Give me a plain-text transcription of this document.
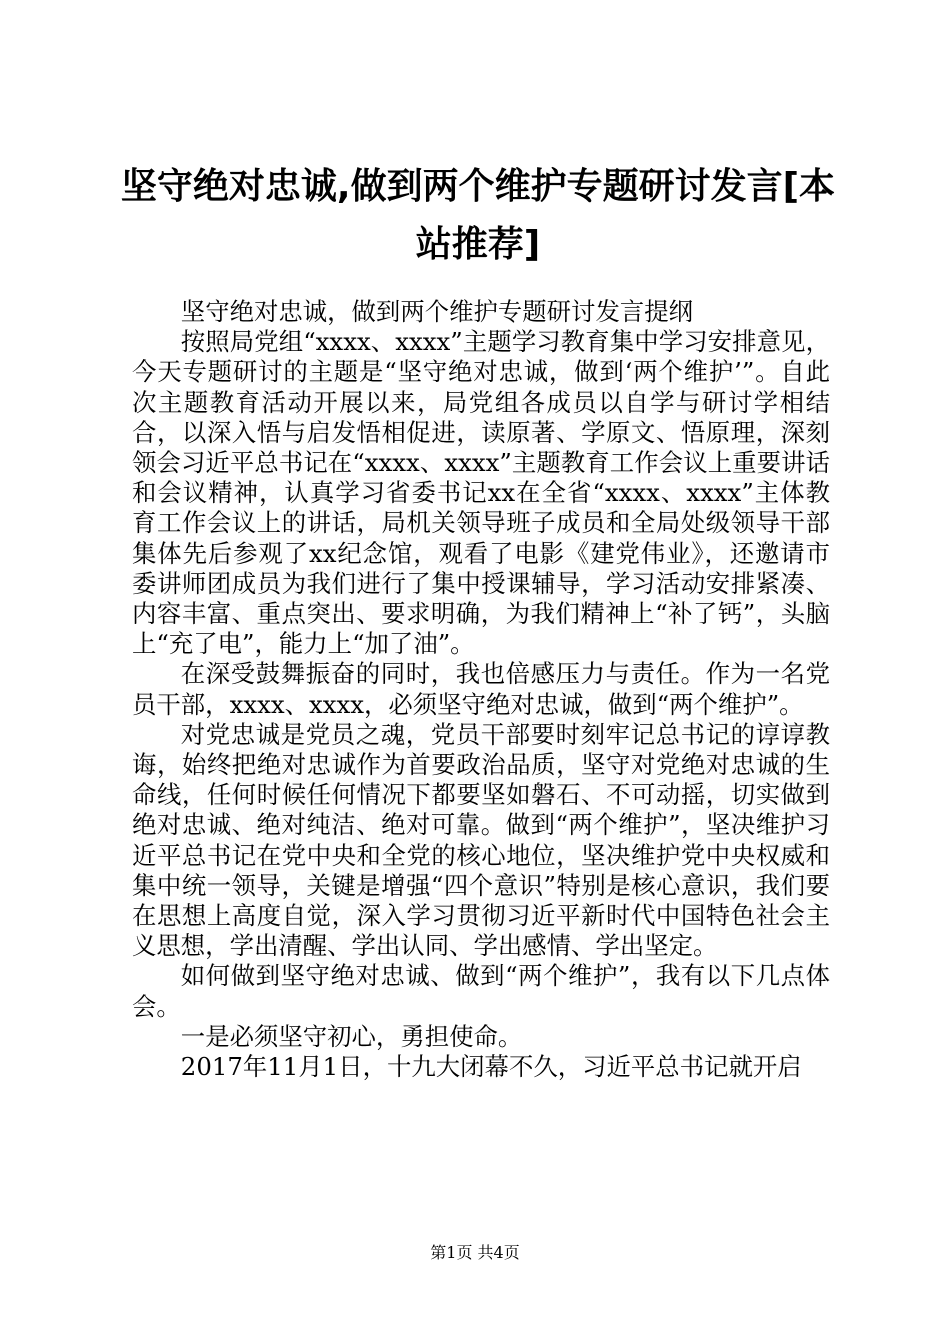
坚守绝对忠诚,做到两个维护专题研讨发言[本站推荐]

坚守绝对忠诚，做到两个维护专题研讨发言提纲

按照局党组“xxxx、xxxx”主题学习教育集中学习安排意见，今天专题研讨的主题是“坚守绝对忠诚，做到‘两个维护’”。自此次主题教育活动开展以来，局党组各成员以自学与研讨学相结合，以深入悟与启发悟相促进，读原著、学原文、悟原理，深刻领会习近平总书记在“xxxx、xxxx”主题教育工作会议上重要讲话和会议精神，认真学习省委书记xx在全省“xxxx、xxxx”主体教育工作会议上的讲话，局机关领导班子成员和全局处级领导干部集体先后参观了xx纪念馆，观看了电影《建党伟业》，还邀请市委讲师团成员为我们进行了集中授课辅导，学习活动安排紧凑、内容丰富、重点突出、要求明确，为我们精神上“补了钙”，头脑上“充了电”，能力上“加了油”。

在深受鼓舞振奋的同时，我也倍感压力与责任。作为一名党员干部，xxxx、xxxx，必须坚守绝对忠诚，做到“两个维护”。

对党忠诚是党员之魂，党员干部要时刻牢记总书记的谆谆教诲，始终把绝对忠诚作为首要政治品质，坚守对党绝对忠诚的生命线，任何时候任何情况下都要坚如磐石、不可动摇，切实做到绝对忠诚、绝对纯洁、绝对可靠。做到“两个维护”，坚决维护习近平总书记在党中央和全党的核心地位，坚决维护党中央权威和集中统一领导，关键是增强“四个意识”特别是核心意识，我们要在思想上高度自觉，深入学习贯彻习近平新时代中国特色社会主义思想，学出清醒、学出认同、学出感情、学出坚定。

如何做到坚守绝对忠诚、做到“两个维护”，我有以下几点体会。

一是必须坚守初心，勇担使命。

2017年11月1日，十九大闭幕不久，习近平总书记就开启

第1页 共4页
